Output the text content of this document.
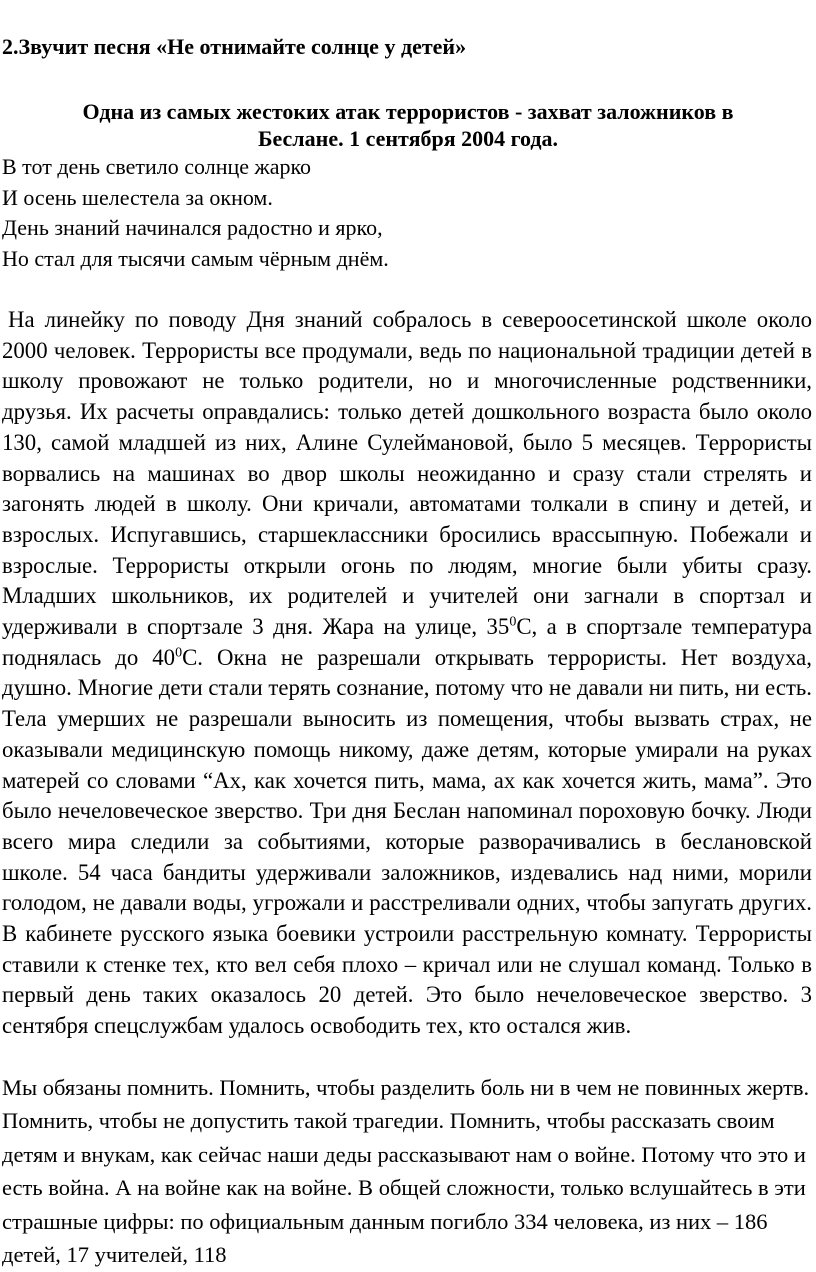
2.Звучит песня «Не отнимайте солнце у детей»
Одна из самых жестоких атак террористов - захват заложников в Беслане. 1 сентября 2004 года.
В тот день светило солнце жарко
И осень шелестела за окном.
День знаний начинался радостно и ярко,
Но стал для тысячи самым чёрным днём.

На линейку по поводу Дня знаний собралось в североосетинской школе около 2000 человек. Террористы все продумали, ведь по национальной традиции детей в школу провожают не только родители, но и многочисленные родственники, друзья. Их расчеты оправдались: только детей дошкольного возраста было около 130, самой младшей из них, Алине Сулеймановой, было 5 месяцев. Террористы ворвались на машинах во двор школы неожиданно и сразу стали стрелять и загонять людей в школу. Они кричали, автоматами толкали в спину и детей, и взрослых. Испугавшись, старшеклассники бросились врассыпную. Побежали и взрослые. Террористы открыли огонь по людям, многие были убиты сразу. Младших школьников, их родителей и учителей они загнали в спортзал и удерживали в спортзале 3 дня. Жара на улице, $35^0С$, а в спортзале температура поднялась до $40^0С$. Окна не разрешали открывать террористы. Нет воздуха, душно. Многие дети стали терять сознание, потому что не давали ни пить, ни есть. Тела умерших не разрешали выносить из помещения, чтобы вызвать страх, не оказывали медицинскую помощь никому, даже детям, которые умирали на руках матерей со словами “Ах, как хочется пить, мама, ах как хочется жить, мама”. Это было нечеловеческое зверство. Три дня Беслан напоминал пороховую бочку. Люди всего мира следили за событиями, которые разворачивались в беслановской школе. 54 часа бандиты удерживали заложников, издевались над ними, морили голодом, не давали воды, угрожали и расстреливали одних, чтобы запугать других. В кабинете русского языка боевики устроили расстрельную комнату. Террористы ставили к стенке тех, кто вел себя плохо – кричал или не слушал команд. Только в первый день таких оказалось 20 детей. Это было нечеловеческое зверство. 3 сентября спецслужбам удалось освободить тех, кто остался жив.

Мы обязаны помнить. Помнить, чтобы разделить боль ни в чем не повинных жертв. Помнить, чтобы не допустить такой трагедии. Помнить, чтобы рассказать своим детям и внукам, как сейчас наши деды рассказывают нам о войне. Потому что это и есть война. А на войне как на войне. В общей сложности, только вслушайтесь в эти страшные цифры: по официальным данным погибло 334 человека, из них – 186 детей, 17 учителей, 118
